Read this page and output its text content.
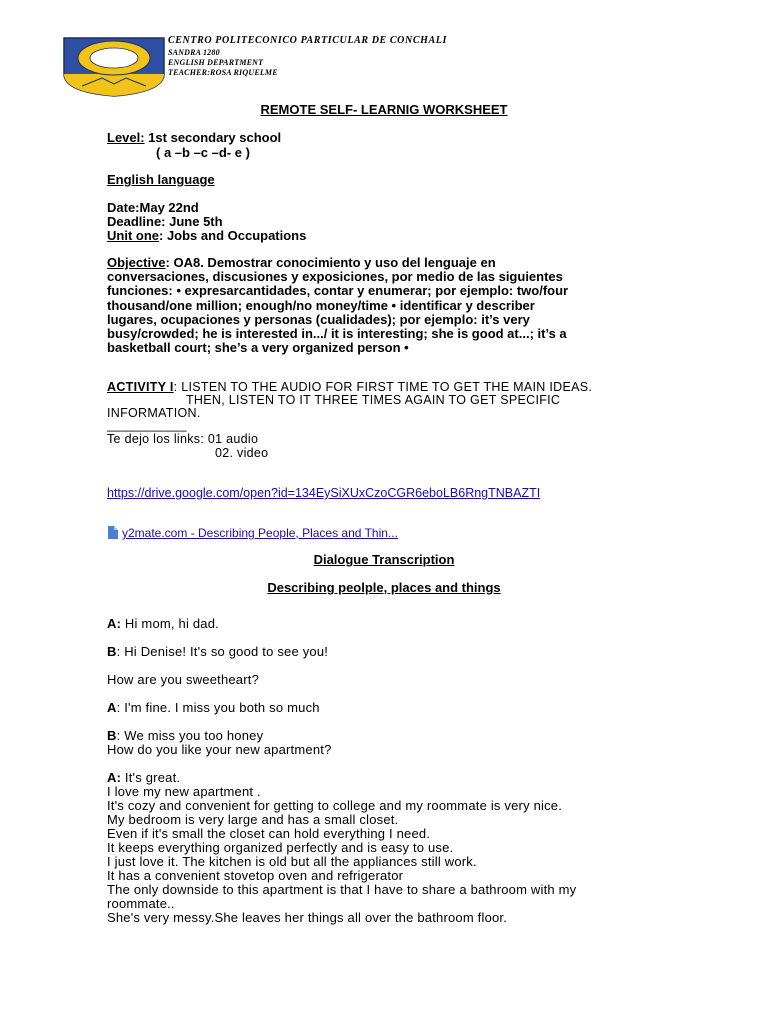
CENTRO POLITECONICO PARTICULAR DE CONCHALI
SANDRA 1280
ENGLISH DEPARTMENT
TEACHER:ROSA RIQUELME
REMOTE SELF- LEARNIG WORKSHEET
Level: 1st secondary school
( a –b –c –d- e )
English language
Date:May 22nd
Deadline: June 5th
Unit one: Jobs and Occupations
Objective: OA8. Demostrar conocimiento y uso del lenguaje en
conversaciones, discusiones y exposiciones, por medio de las siguientes
funciones: • expresarcantidades, contar y enumerar; por ejemplo: two/four
thousand/one million; enough/no money/time • identificar y describer
lugares, ocupaciones y personas (cualidades); por ejemplo: it’s very
busy/crowded; he is interested in.../ it is interesting; she is good at...; it’s a
basketball court; she’s a very organized person •
ACTIVITY I: LISTEN TO THE AUDIO FOR FIRST TIME TO GET THE MAIN IDEAS.
THEN, LISTEN TO IT THREE TIMES AGAIN TO GET SPECIFIC
INFORMATION.
___________
Te dejo los links: 01 audio
02. video
https://drive.google.com/open?id=134EySiXUxCzoCGR6eboLB6RngTNBAZTI
y2mate.com - Describing People, Places and Thin...
Dialogue Transcription
Describing peolple, places and things
A: Hi mom, hi dad.
B: Hi Denise! It's so good to see you!
How are you sweetheart?
A: I'm fine. I miss you both so much
B: We miss you too honey
How do you like your new apartment?
A: It's great.
I love my new apartment .
It's cozy and convenient for getting to college and my roommate is very nice.
My bedroom is very large and has a small closet.
Even if it's small the closet can hold everything I need.
It keeps everything organized perfectly and is easy to use.
I just love it. The kitchen is old but all the appliances still work.
It has a convenient stovetop oven and refrigerator
The only downside to this apartment is that I have to share a bathroom with my
roommate..
She's very messy.She leaves her things all over the bathroom floor.
